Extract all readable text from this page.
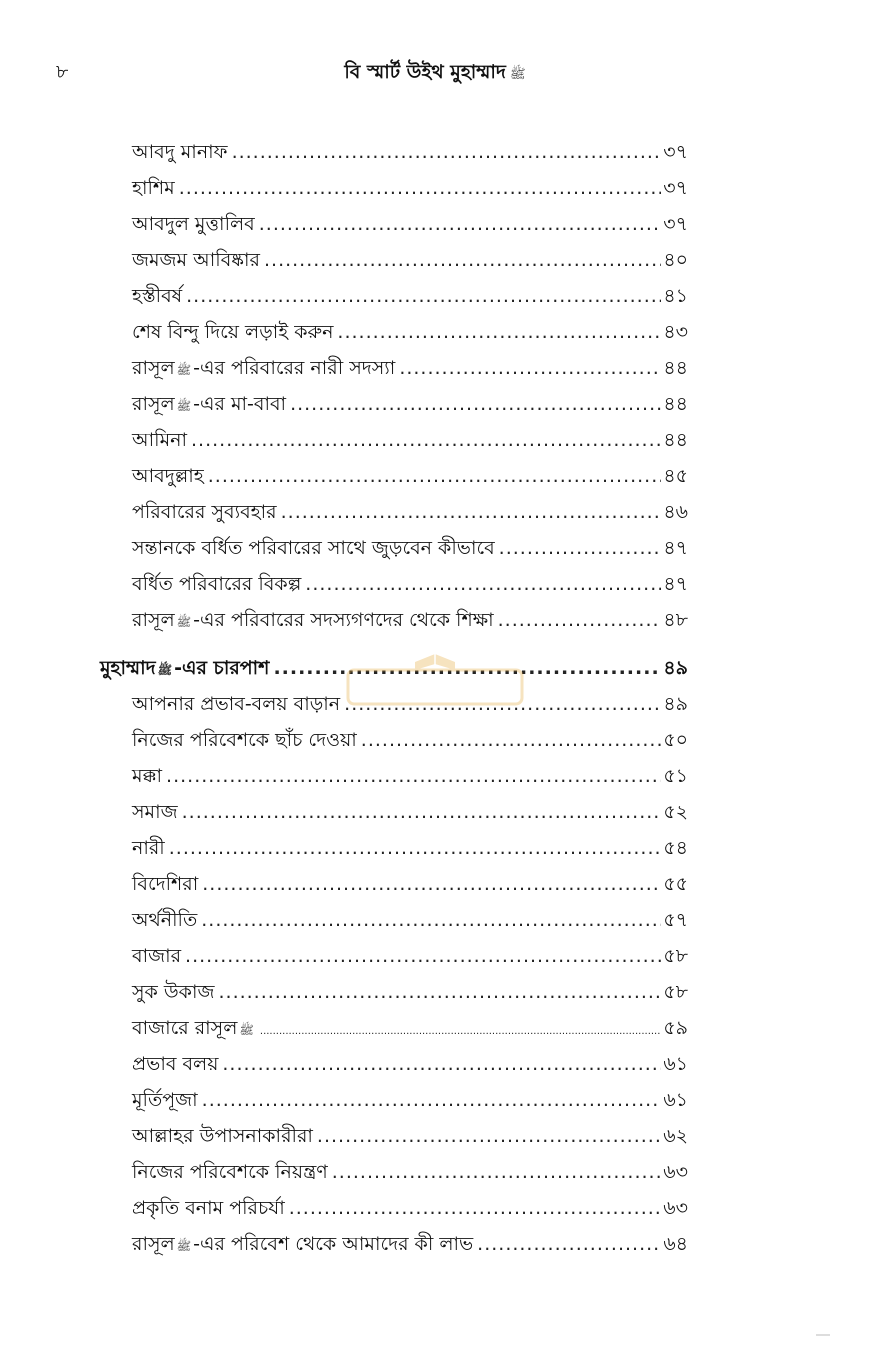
৮	বি স্মার্ট উইথ মুহাম্মাদ ﷺ
আবদু মানাফ .....	৩৭
হাশিম .....	৩৭
আবদুল মুত্তালিব .....	৩৭
জমজম আবিষ্কার .....	৪০
হস্তীবর্ষ .....	৪১
শেষ বিন্দু দিয়ে লড়াই করুন .....	৪৩
রাসূল ﷺ -এর পরিবারের নারী সদস্যা .....	৪৪
রাসূল ﷺ -এর মা-বাবা .....	৪৪
আমিনা .....	৪৪
আবদুল্লাহ .....	৪৫
পরিবারের সুব্যবহার .....	৪৬
সন্তানকে বর্ধিত পরিবারের সাথে জুড়বেন কীভাবে .....	৪৭
বর্ধিত পরিবারের বিকল্প .....	৪৭
রাসূল ﷺ -এর পরিবারের সদস্যগণদের থেকে শিক্ষা .....	৪৮
মুহাম্মাদ ﷺ -এর চারপাশ .....	৪৯
আপনার প্রভাব-বলয় বাড়ান .....	৪৯
নিজের পরিবেশকে ছাঁচ দেওয়া .....	৫০
মক্কা .....	৫১
সমাজ .....	৫২
নারী .....	৫৪
বিদেশিরা .....	৫৫
অর্থনীতি .....	৫৭
বাজার .....	৫৮
সুক উকাজ .....	৫৮
বাজারে রাসূল ﷺ .....	৫৯
প্রভাব বলয় .....	৬১
মূর্তিপূজা .....	৬১
আল্লাহর উপাসনাকারীরা .....	৬২
নিজের পরিবেশকে নিয়ন্ত্রণ .....	৬৩
প্রকৃতি বনাম পরিচর্যা .....	৬৩
রাসূল ﷺ -এর পরিবেশ থেকে আমাদের কী লাভ .....	৬৪
